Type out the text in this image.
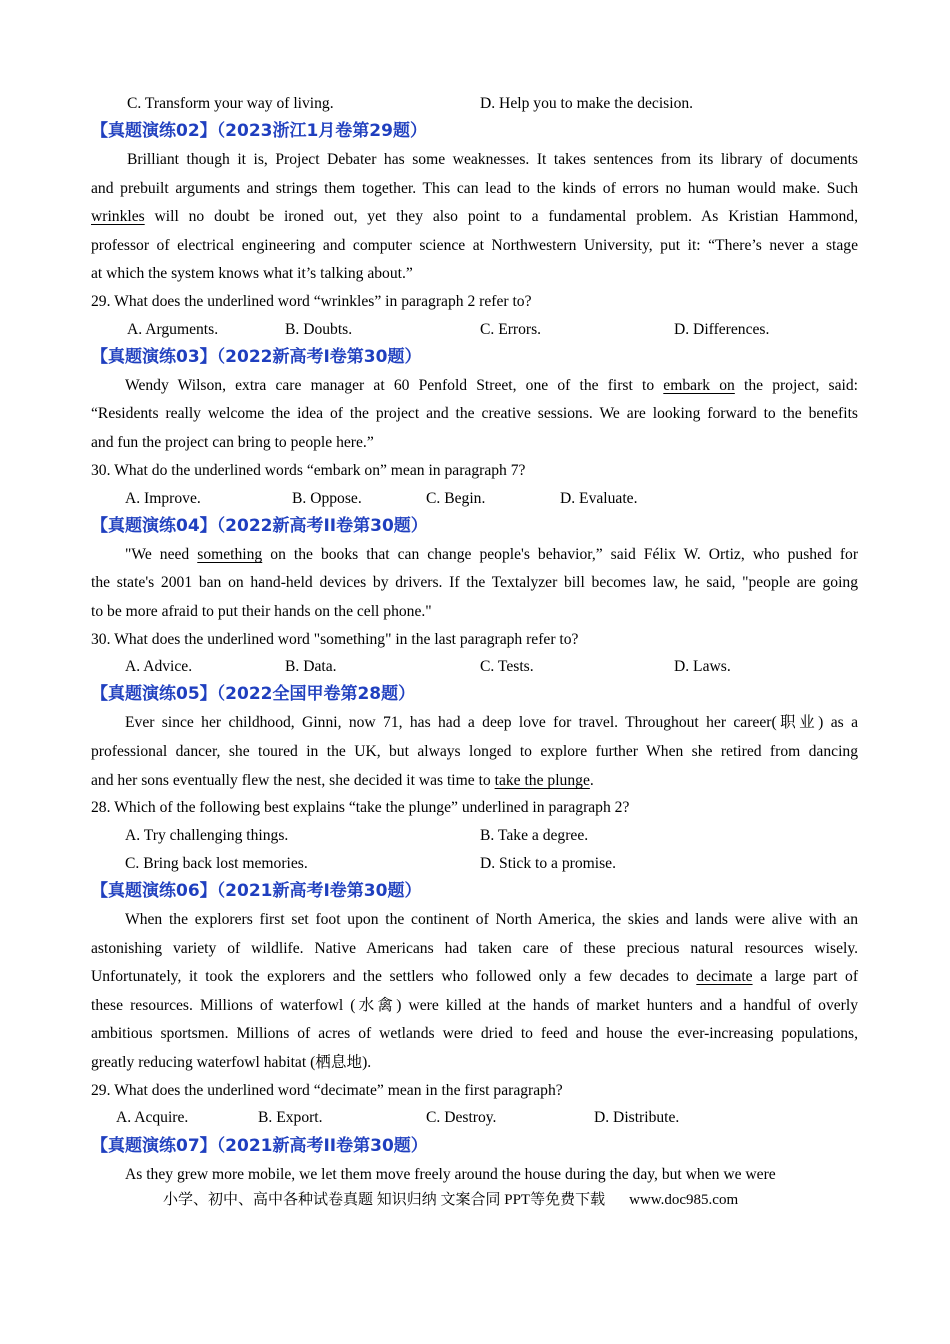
C. Transform your way of living.	D. Help you to make the decision.
【真题演练02】（2023浙江1月卷第29题）
Brilliant though it is, Project Debater has some weaknesses. It takes sentences from its library of documents
and prebuilt arguments and strings them together. This can lead to the kinds of errors no human would make. Such
wrinkles will no doubt be ironed out, yet they also point to a fundamental problem. As Kristian Hammond,
professor of electrical engineering and computer science at Northwestern University, put it: “There’s never a stage
at which the system knows what it’s talking about.”
29. What does the underlined word “wrinkles” in paragraph 2 refer to?
A. Arguments.	B. Doubts.	C. Errors.	D. Differences.
【真题演练03】（2022新高考I卷第30题）
Wendy Wilson, extra care manager at 60 Penfold Street, one of the first to embark on the project, said:
“Residents really welcome the idea of the project and the creative sessions. We are looking forward to the benefits
and fun the project can bring to people here.”
30. What do the underlined words “embark on” mean in paragraph 7?
A. Improve.	B. Oppose.	C. Begin.	D. Evaluate.
【真题演练04】（2022新高考II卷第30题）
"We need something on the books that can change people's behavior,” said Félix W. Ortiz, who pushed for
the state's 2001 ban on hand-held devices by drivers. If the Textalyzer bill becomes law, he said, "people are going
to be more afraid to put their hands on the cell phone."
30. What does the underlined word "something" in the last paragraph refer to?
A. Advice.	B. Data.	C. Tests.	D. Laws.
【真题演练05】（2022全国甲卷第28题）
Ever since her childhood, Ginni, now 71, has had a deep love for travel. Throughout her career(职业) as a
professional dancer, she toured in the UK, but always longed to explore further When she retired from dancing
and her sons eventually flew the nest, she decided it was time to take the plunge.
28. Which of the following best explains “take the plunge” underlined in paragraph 2?
A. Try challenging things.	B. Take a degree.
C. Bring back lost memories.	D. Stick to a promise.
【真题演练06】（2021新高考I卷第30题）
When the explorers first set foot upon the continent of North America, the skies and lands were alive with an
astonishing variety of wildlife. Native Americans had taken care of these precious natural resources wisely.
Unfortunately, it took the explorers and the settlers who followed only a few decades to decimate a large part of
these resources. Millions of waterfowl (水禽) were killed at the hands of market hunters and a handful of overly
ambitious sportsmen. Millions of acres of wetlands were dried to feed and house the ever-increasing populations,
greatly reducing waterfowl habitat (栖息地).
29. What does the underlined word “decimate” mean in the first paragraph?
A. Acquire.	B. Export.	C. Destroy.	D. Distribute.
【真题演练07】（2021新高考II卷第30题）
As they grew more mobile, we let them move freely around the house during the day, but when we were
小学、初中、高中各种试卷真题 知识归纳 文案合同 PPT等免费下载 www.doc985.com
